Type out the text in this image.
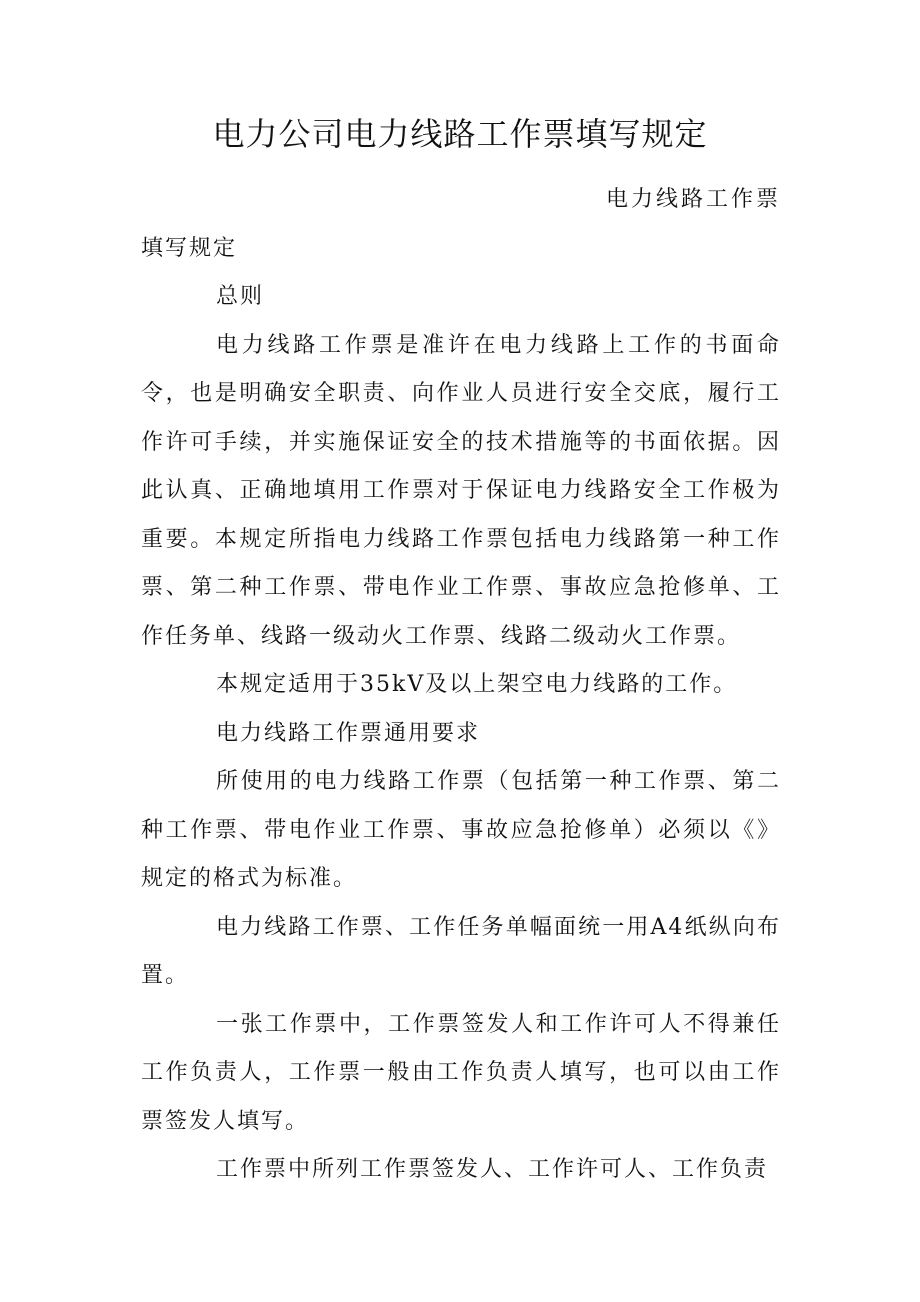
电力公司电力线路工作票填写规定

电力线路工作票

填写规定

总则

电力线路工作票是准许在电力线路上工作的书面命令，也是明确安全职责、向作业人员进行安全交底，履行工作许可手续，并实施保证安全的技术措施等的书面依据。因此认真、正确地填用工作票对于保证电力线路安全工作极为重要。本规定所指电力线路工作票包括电力线路第一种工作票、第二种工作票、带电作业工作票、事故应急抢修单、工作任务单、线路一级动火工作票、线路二级动火工作票。

本规定适用于35kV及以上架空电力线路的工作。

电力线路工作票通用要求

所使用的电力线路工作票（包括第一种工作票、第二种工作票、带电作业工作票、事故应急抢修单）必须以《》规定的格式为标准。

电力线路工作票、工作任务单幅面统一用A4纸纵向布置。

一张工作票中，工作票签发人和工作许可人不得兼任工作负责人，工作票一般由工作负责人填写，也可以由工作票签发人填写。

工作票中所列工作票签发人、工作许可人、工作负责
